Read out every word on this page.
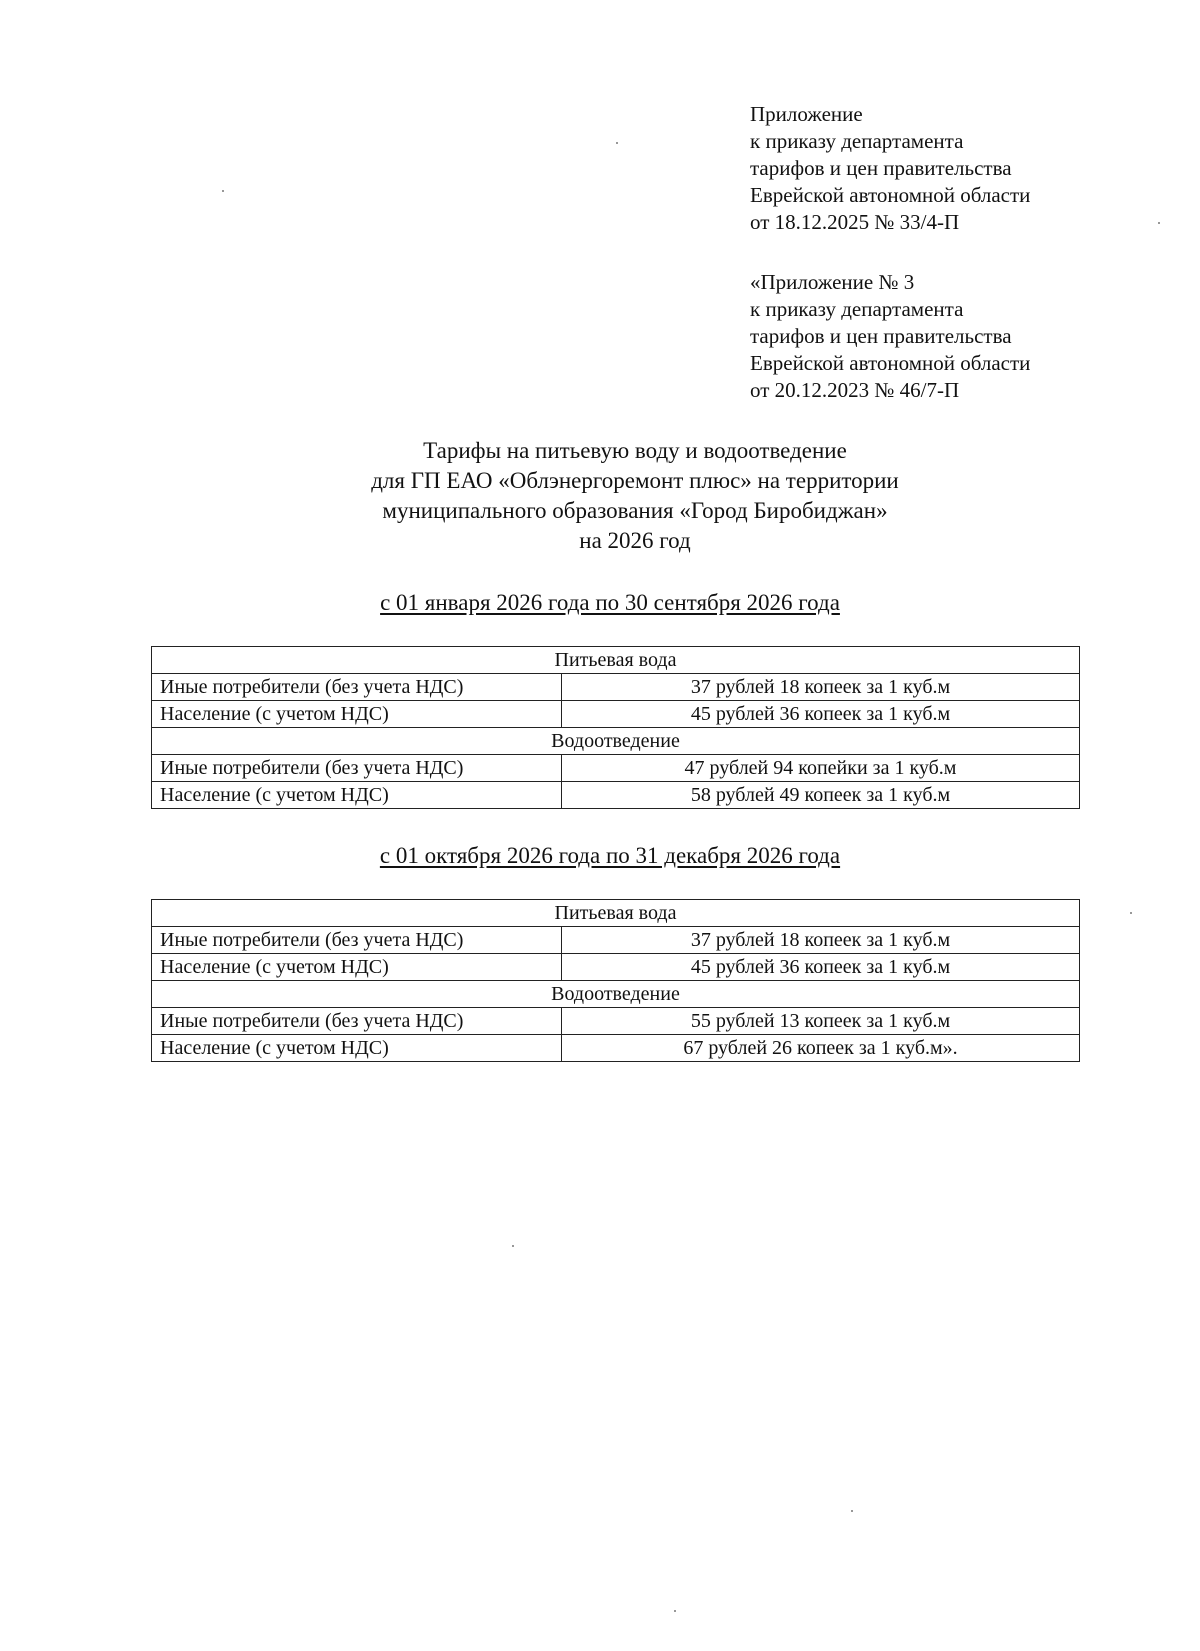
Приложение
к приказу департамента
тарифов и цен правительства
Еврейской автономной области
от 18.12.2025 № 33/4-П
«Приложение № 3
к приказу департамента
тарифов и цен правительства
Еврейской автономной области
от 20.12.2023 № 46/7-П
Тарифы на питьевую воду и водоотведение
для ГП ЕАО «Облэнергоремонт плюс» на территории
муниципального образования «Город Биробиджан»
на 2026 год
с 01 января 2026 года по 30 сентября 2026 года
Питьевая вода	
Иные потребители (без учета НДС)	37 рублей 18 копеек за 1 куб.м
Население (с учетом НДС)	45 рублей 36 копеек за 1 куб.м
Водоотведение	
Иные потребители (без учета НДС)	47 рублей 94 копейки за 1 куб.м
Население (с учетом НДС)	58 рублей 49 копеек за 1 куб.м
с 01 октября 2026 года по 31 декабря 2026 года
Питьевая вода	
Иные потребители (без учета НДС)	37 рублей 18 копеек за 1 куб.м
Население (с учетом НДС)	45 рублей 36 копеек за 1 куб.м
Водоотведение	
Иные потребители (без учета НДС)	55 рублей 13 копеек за 1 куб.м
Население (с учетом НДС)	67 рублей 26 копеек за 1 куб.м».
